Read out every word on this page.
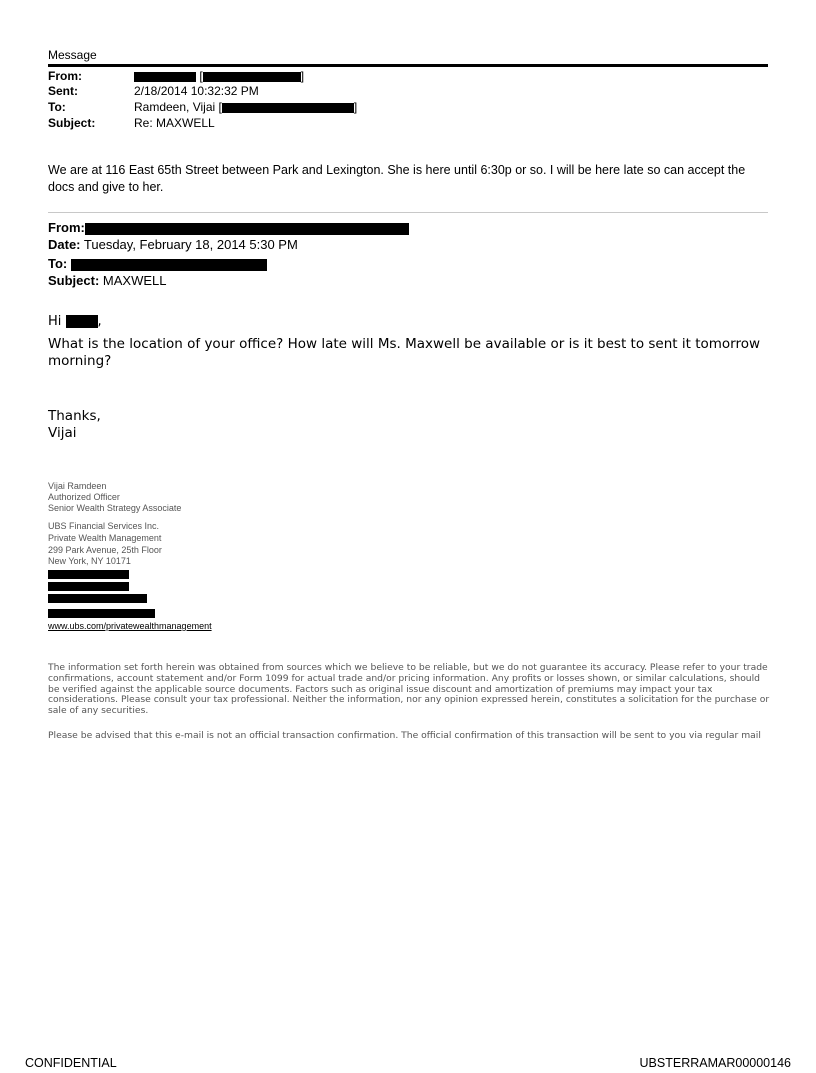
Message
From:	[	]
Sent:	2/18/2014 10:32:32 PM
To:	Ramdeen, Vijai [	]
Subject:	Re: MAXWELL
We are at 116 East 65th Street between Park and Lexington. She is here until 6:30p or so. I will be here late so can accept the docs and give to her.
From:
Date: Tuesday, February 18, 2014 5:30 PM
To:
Subject: MAXWELL
Hi	,
What is the location of your office? How late will Ms. Maxwell be available or is it best to sent it tomorrow morning?
Thanks,
Vijai
Vijai Ramdeen
Authorized Officer
Senior Wealth Strategy Associate
UBS Financial Services Inc.
Private Wealth Management
299 Park Avenue, 25th Floor
New York, NY 10171
www.ubs.com/privatewealthmanagement
The information set forth herein was obtained from sources which we believe to be reliable, but we do not guarantee its accuracy. Please refer to your trade confirmations, account statement and/or Form 1099 for actual trade and/or pricing information. Any profits or losses shown, or similar calculations, should be verified against the applicable source documents. Factors such as original issue discount and amortization of premiums may impact your tax considerations. Please consult your tax professional. Neither the information, nor any opinion expressed herein, constitutes a solicitation for the purchase or sale of any securities.
Please be advised that this e-mail is not an official transaction confirmation. The official confirmation of this transaction will be sent to you via regular mail
CONFIDENTIAL	UBSTERRAMAR00000146
